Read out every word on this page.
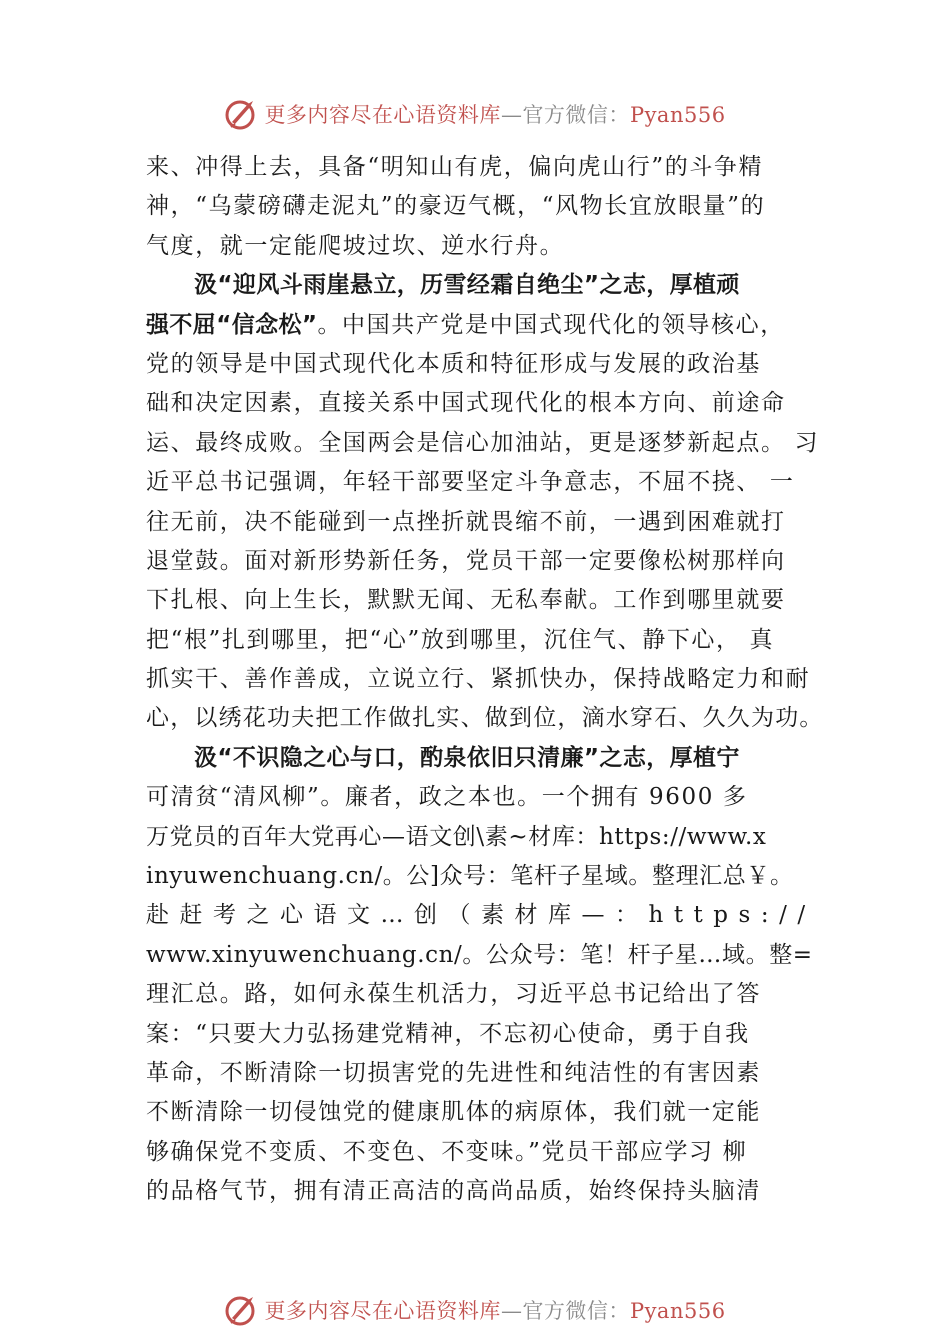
更多内容尽在心语资料库—官方微信：Pyan556
来、冲得上去，具备“明知山有虎，偏向虎山行”的斗争精
神，“乌蒙磅礴走泥丸”的豪迈气概，“风物长宜放眼量”的
气度，就一定能爬坡过坎、逆水行舟。
汲“迎风斗雨崖悬立，历雪经霜自绝尘”之志，厚植顽
强不屈“信念松”。中国共产党是中国式现代化的领导核心，
党的领导是中国式现代化本质和特征形成与发展的政治基
础和决定因素，直接关系中国式现代化的根本方向、前途命
运、最终成败。全国两会是信心加油站，更是逐梦新起点。 习
近平总书记强调，年轻干部要坚定斗争意志，不屈不挠、 一
往无前，决不能碰到一点挫折就畏缩不前，一遇到困难就打
退堂鼓。面对新形势新任务，党员干部一定要像松树那样向
下扎根、向上生长，默默无闻、无私奉献。工作到哪里就要
把“根”扎到哪里，把“心”放到哪里，沉住气、静下心， 真
抓实干、善作善成，立说立行、紧抓快办，保持战略定力和耐
心，以绣花功夫把工作做扎实、做到位，滴水穿石、久久为功。
汲“不识隐之心与口，酌泉依旧只清廉”之志，厚植宁
可清贫“清风柳”。廉者，政之本也。一个拥有 9600 多
万党员的百年大党再心—语文创\素~材库：https://www.x
inyuwenchuang.cn/。公]众号：笔杆子星域。整理汇总￥。
赴赶考之心语文…创（素材库—：https://
www.xinyuwenchuang.cn/。公众号：笔！杆子星…域。整=
理汇总。路，如何永葆生机活力，习近平总书记给出了答
案：“只要大力弘扬建党精神，不忘初心使命，勇于自我
革命，不断清除一切损害党的先进性和纯洁性的有害因素
不断清除一切侵蚀党的健康肌体的病原体，我们就一定能
够确保党不变质、不变色、不变味。”党员干部应学习 柳
的品格气节，拥有清正高洁的高尚品质，始终保持头脑清
更多内容尽在心语资料库—官方微信：Pyan556
